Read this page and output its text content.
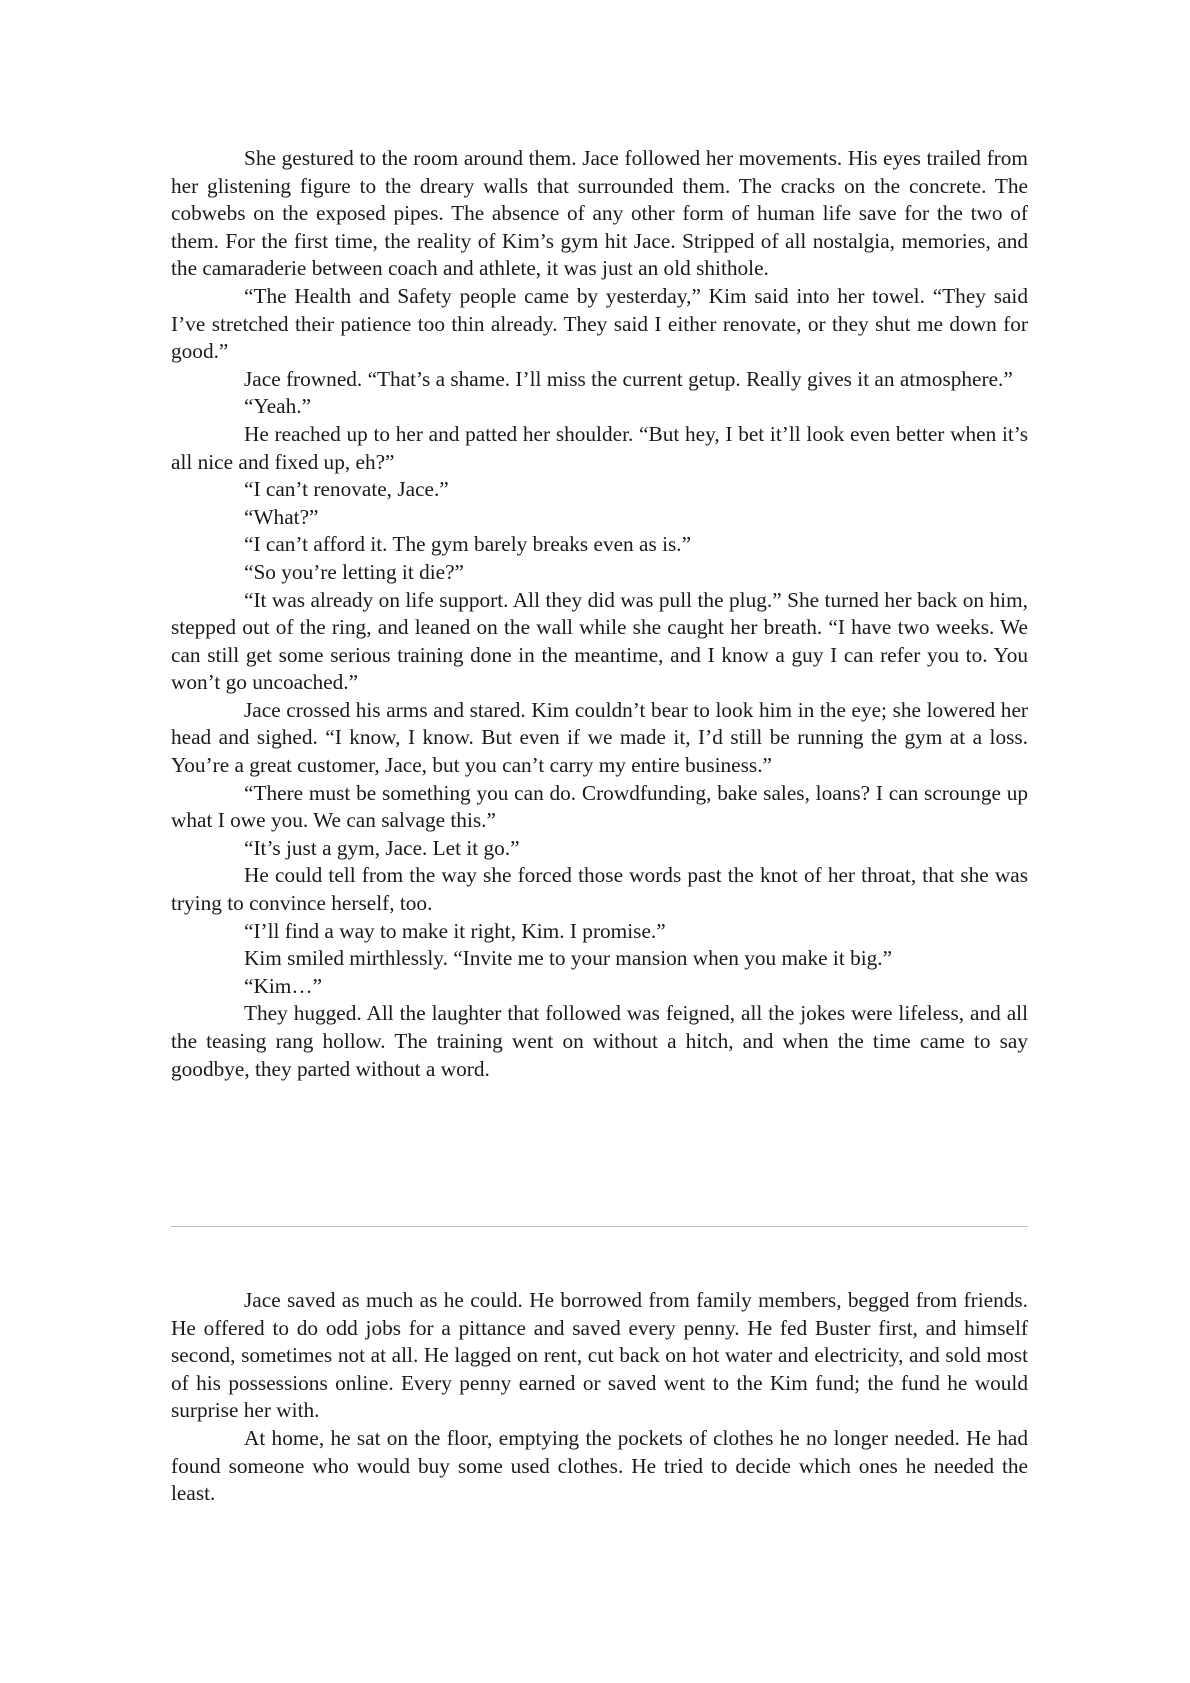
She gestured to the room around them. Jace followed her movements. His eyes trailed from her glistening figure to the dreary walls that surrounded them. The cracks on the concrete. The cobwebs on the exposed pipes. The absence of any other form of human life save for the two of them. For the first time, the reality of Kim’s gym hit Jace. Stripped of all nostalgia, memories, and the camaraderie between coach and athlete, it was just an old shithole.

“The Health and Safety people came by yesterday,” Kim said into her towel. “They said I’ve stretched their patience too thin already. They said I either renovate, or they shut me down for good.”

Jace frowned. “That’s a shame. I’ll miss the current getup. Really gives it an atmosphere.”

“Yeah.”

He reached up to her and patted her shoulder. “But hey, I bet it’ll look even better when it’s all nice and fixed up, eh?”

“I can’t renovate, Jace.”

“What?”

“I can’t afford it. The gym barely breaks even as is.”

“So you’re letting it die?”

“It was already on life support. All they did was pull the plug.” She turned her back on him, stepped out of the ring, and leaned on the wall while she caught her breath. “I have two weeks. We can still get some serious training done in the meantime, and I know a guy I can refer you to. You won’t go uncoached.”

Jace crossed his arms and stared. Kim couldn’t bear to look him in the eye; she lowered her head and sighed. “I know, I know. But even if we made it, I’d still be running the gym at a loss. You’re a great customer, Jace, but you can’t carry my entire business.”

“There must be something you can do. Crowdfunding, bake sales, loans? I can scrounge up what I owe you. We can salvage this.”

“It’s just a gym, Jace. Let it go.”

He could tell from the way she forced those words past the knot of her throat, that she was trying to convince herself, too.

“I’ll find a way to make it right, Kim. I promise.”

Kim smiled mirthlessly. “Invite me to your mansion when you make it big.”

“Kim…”

They hugged. All the laughter that followed was feigned, all the jokes were lifeless, and all the teasing rang hollow. The training went on without a hitch, and when the time came to say goodbye, they parted without a word.

Jace saved as much as he could. He borrowed from family members, begged from friends. He offered to do odd jobs for a pittance and saved every penny. He fed Buster first, and himself second, sometimes not at all. He lagged on rent, cut back on hot water and electricity, and sold most of his possessions online. Every penny earned or saved went to the Kim fund; the fund he would surprise her with.

At home, he sat on the floor, emptying the pockets of clothes he no longer needed. He had found someone who would buy some used clothes. He tried to decide which ones he needed the least.
